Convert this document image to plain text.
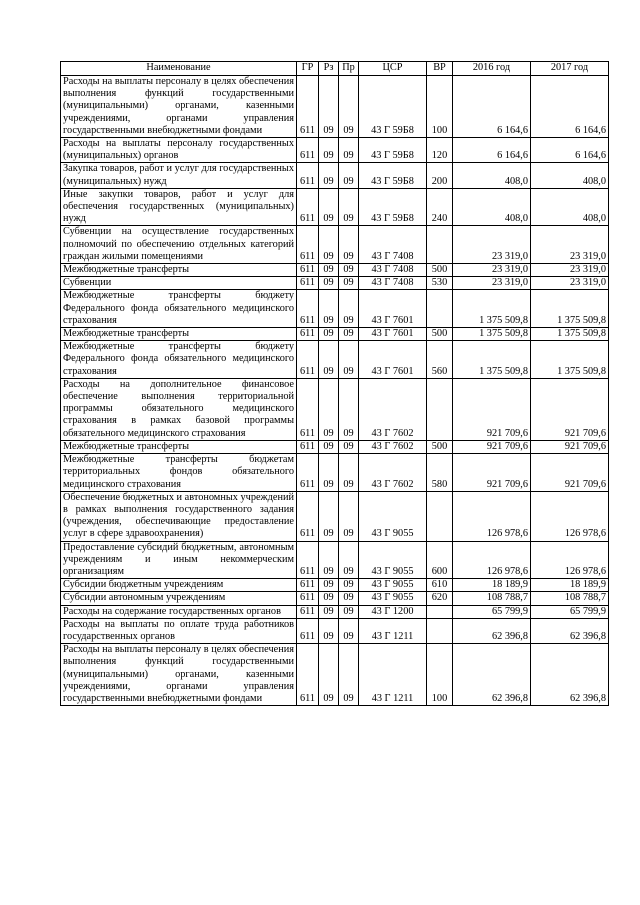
Наименование	ГР	Рз	Пр	ЦСР	ВР	2016 год	2017 год
Расходы на выплаты персоналу в целях обеспечения выполнения функций государственными (муниципальными) органами, казенными учреждениями, органами управления государственными внебюджетными фондами	611	09	09	43 Г 59Б8	100	6 164,6	6 164,6
Расходы на выплаты персоналу государственных (муниципальных) органов	611	09	09	43 Г 59Б8	120	6 164,6	6 164,6
Закупка товаров, работ и услуг для государственных (муниципальных) нужд	611	09	09	43 Г 59Б8	200	408,0	408,0
Иные закупки товаров, работ и услуг для обеспечения государственных (муниципальных) нужд	611	09	09	43 Г 59Б8	240	408,0	408,0
Субвенции на осуществление государственных полномочий по обеспечению отдельных категорий граждан жилыми помещениями	611	09	09	43 Г 7408		23 319,0	23 319,0
Межбюджетные трансферты	611	09	09	43 Г 7408	500	23 319,0	23 319,0
Субвенции	611	09	09	43 Г 7408	530	23 319,0	23 319,0
Межбюджетные трансферты бюджету Федерального фонда обязательного медицинского страхования	611	09	09	43 Г 7601		1 375 509,8	1 375 509,8
Межбюджетные трансферты	611	09	09	43 Г 7601	500	1 375 509,8	1 375 509,8
Межбюджетные трансферты бюджету Федерального фонда обязательного медицинского страхования	611	09	09	43 Г 7601	560	1 375 509,8	1 375 509,8
Расходы на дополнительное финансовое обеспечение выполнения территориальной программы обязательного медицинского страхования в рамках базовой программы обязательного медицинского страхования	611	09	09	43 Г 7602		921 709,6	921 709,6
Межбюджетные трансферты	611	09	09	43 Г 7602	500	921 709,6	921 709,6
Межбюджетные трансферты бюджетам территориальных фондов обязательного медицинского страхования	611	09	09	43 Г 7602	580	921 709,6	921 709,6
Обеспечение бюджетных и автономных учреждений в рамках выполнения государственного задания (учреждения, обеспечивающие предоставление услуг в сфере здравоохранения)	611	09	09	43 Г 9055		126 978,6	126 978,6
Предоставление субсидий бюджетным, автономным учреждениям и иным некоммерческим организациям	611	09	09	43 Г 9055	600	126 978,6	126 978,6
Субсидии бюджетным учреждениям	611	09	09	43 Г 9055	610	18 189,9	18 189,9
Субсидии автономным учреждениям	611	09	09	43 Г 9055	620	108 788,7	108 788,7
Расходы на содержание государственных органов	611	09	09	43 Г 1200		65 799,9	65 799,9
Расходы на выплаты по оплате труда работников государственных органов	611	09	09	43 Г 1211		62 396,8	62 396,8
Расходы на выплаты персоналу в целях обеспечения выполнения функций государственными (муниципальными) органами, казенными учреждениями, органами управления государственными внебюджетными фондами	611	09	09	43 Г 1211	100	62 396,8	62 396,8
